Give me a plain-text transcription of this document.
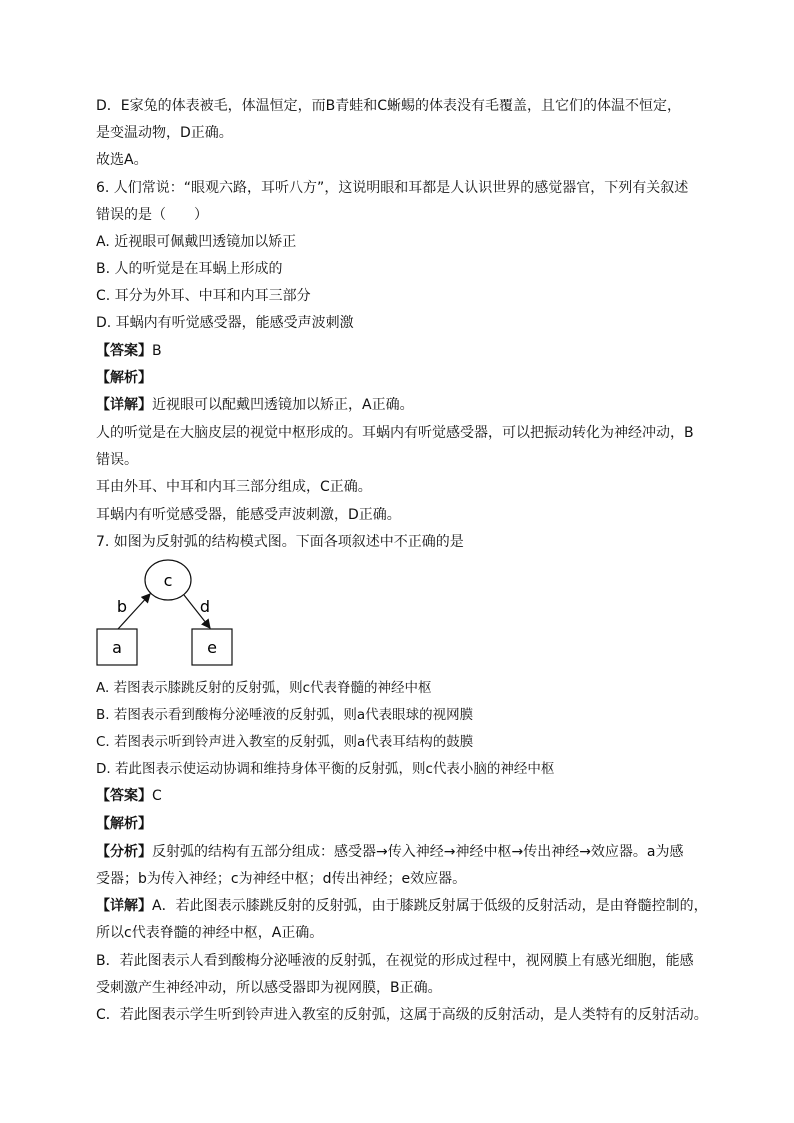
D．E家兔的体表被毛，体温恒定，而B青蛙和C蜥蜴的体表没有毛覆盖，且它们的体温不恒定，
是变温动物，D正确。
故选A。
6. 人们常说：“眼观六路，耳听八方”，这说明眼和耳都是人认识世界的感觉器官，下列有关叙述
错误的是（　　）
A. 近视眼可佩戴凹透镜加以矫正
B. 人的听觉是在耳蜗上形成的
C. 耳分为外耳、中耳和内耳三部分
D. 耳蜗内有听觉感受器，能感受声波刺激
【答案】B
【解析】
【详解】近视眼可以配戴凹透镜加以矫正，A正确。
人的听觉是在大脑皮层的视觉中枢形成的。耳蜗内有听觉感受器，可以把振动转化为神经冲动，B
错误。
耳由外耳、中耳和内耳三部分组成，C正确。
耳蜗内有听觉感受器，能感受声波刺激，D正确。
7. 如图为反射弧的结构模式图。下面各项叙述中不正确的是
c
a	e
b	d
A. 若图表示膝跳反射的反射弧，则c代表脊髓的神经中枢
B. 若图表示看到酸梅分泌唾液的反射弧，则a代表眼球的视网膜
C. 若图表示听到铃声进入教室的反射弧，则a代表耳结构的鼓膜
D. 若此图表示使运动协调和维持身体平衡的反射弧，则c代表小脑的神经中枢
【答案】C
【解析】
【分析】反射弧的结构有五部分组成：感受器→传入神经→神经中枢→传出神经→效应器。a为感
受器；b为传入神经；c为神经中枢；d传出神经；e效应器。
【详解】A．若此图表示膝跳反射的反射弧，由于膝跳反射属于低级的反射活动，是由脊髓控制的，
所以c代表脊髓的神经中枢，A正确。
B．若此图表示人看到酸梅分泌唾液的反射弧，在视觉的形成过程中，视网膜上有感光细胞，能感
受刺激产生神经冲动，所以感受器即为视网膜，B正确。
C．若此图表示学生听到铃声进入教室的反射弧，这属于高级的反射活动，是人类特有的反射活动。
